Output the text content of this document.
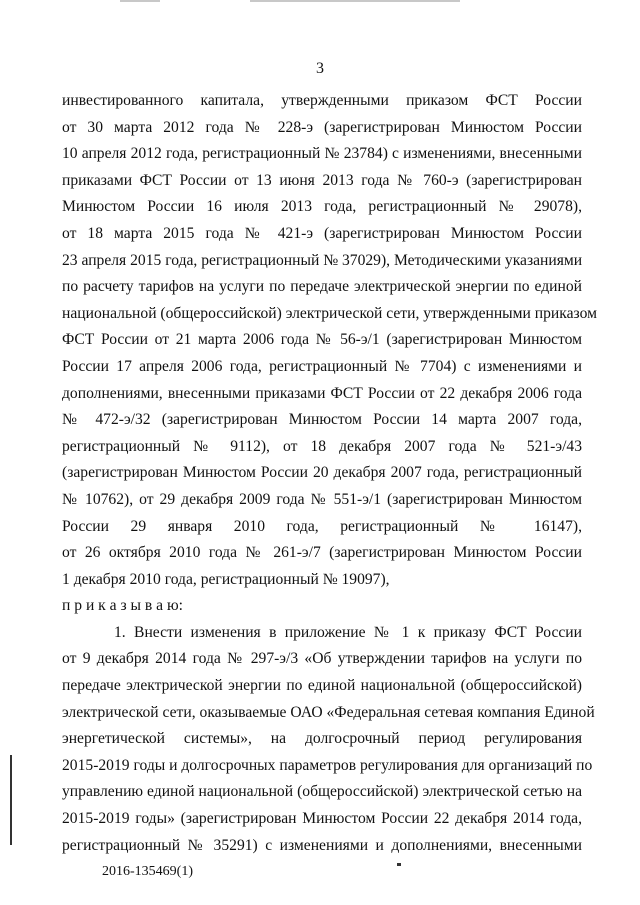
3
инвестированного капитала, утвержденными приказом ФСТ России
от 30 марта 2012 года № 228-э (зарегистрирован Минюстом России
10 апреля 2012 года, регистрационный № 23784) с изменениями, внесенными
приказами ФСТ России от 13 июня 2013 года № 760-э (зарегистрирован
Минюстом России 16 июля 2013 года, регистрационный № 29078),
от 18 марта 2015 года № 421-э (зарегистрирован Минюстом России
23 апреля 2015 года, регистрационный № 37029), Методическими указаниями
по расчету тарифов на услуги по передаче электрической энергии по единой
национальной (общероссийской) электрической сети, утвержденными приказом
ФСТ России от 21 марта 2006 года № 56-э/1 (зарегистрирован Минюстом
России 17 апреля 2006 года, регистрационный № 7704) с изменениями и
дополнениями, внесенными приказами ФСТ России от 22 декабря 2006 года
№ 472-э/32 (зарегистрирован Минюстом России 14 марта 2007 года,
регистрационный № 9112), от 18 декабря 2007 года № 521-э/43
(зарегистрирован Минюстом России 20 декабря 2007 года, регистрационный
№ 10762), от 29 декабря 2009 года № 551-э/1 (зарегистрирован Минюстом
России 29 января 2010 года, регистрационный № 16147),
от 26 октября 2010 года № 261-э/7 (зарегистрирован Минюстом России
1 декабря 2010 года, регистрационный № 19097),
п р и к а з ы в а ю:
1. Внести изменения в приложение № 1 к приказу ФСТ России
от 9 декабря 2014 года № 297-э/3 «Об утверждении тарифов на услуги по
передаче электрической энергии по единой национальной (общероссийской)
электрической сети, оказываемые ОАО «Федеральная сетевая компания Единой
энергетической системы», на долгосрочный период регулирования
2015-2019 годы и долгосрочных параметров регулирования для организаций по
управлению единой национальной (общероссийской) электрической сетью на
2015-2019 годы» (зарегистрирован Минюстом России 22 декабря 2014 года,
регистрационный № 35291) с изменениями и дополнениями, внесенными
2016-135469(1)
